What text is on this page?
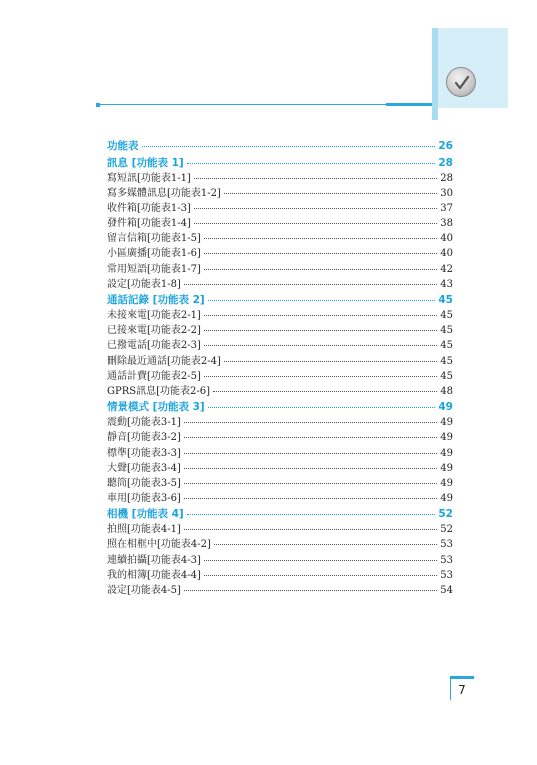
功能表	26
訊息 [功能表 1]	28
寫短訊[功能表1-1]	28
寫多媒體訊息[功能表1-2]	30
收件箱[功能表1-3]	37
發件箱[功能表1-4]	38
留言信箱[功能表1-5]	40
小區廣播[功能表1-6]	40
常用短語[功能表1-7]	42
設定[功能表1-8]	43
通話記錄 [功能表 2]	45
未接來電[功能表2-1]	45
已接來電[功能表2-2]	45
已撥電話[功能表2-3]	45
刪除最近通話[功能表2-4]	45
通話計費[功能表2-5]	45
GPRS訊息[功能表2-6]	48
情景模式 [功能表 3]	49
震動[功能表3-1]	49
靜音[功能表3-2]	49
標準[功能表3-3]	49
大聲[功能表3-4]	49
聽筒[功能表3-5]	49
車用[功能表3-6]	49
相機 [功能表 4]	52
拍照[功能表4-1]	52
照在相框中[功能表4-2]	53
連續拍攝[功能表4-3]	53
我的相簿[功能表4-4]	53
設定[功能表4-5]	54
7
